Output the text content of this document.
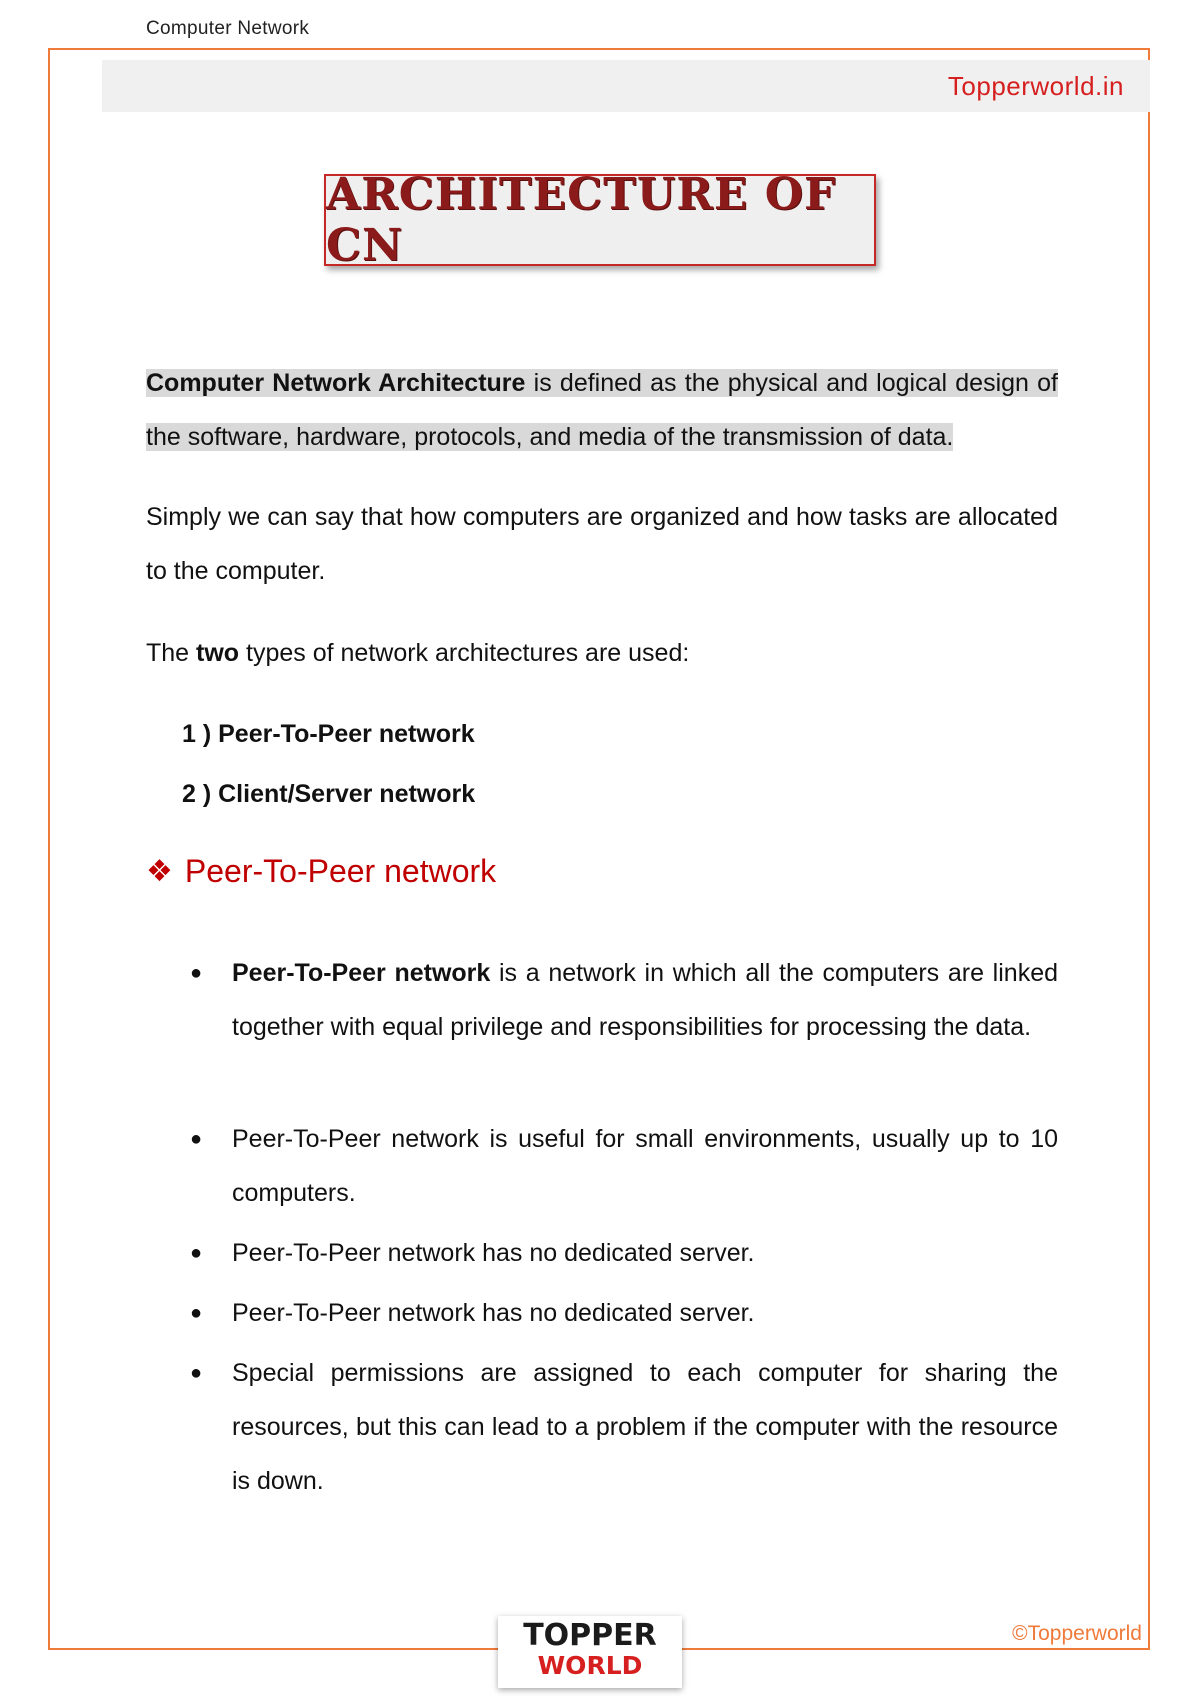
Computer Network
Topperworld.in
ARCHITECTURE OF CN
Computer Network Architecture is defined as the physical and logical design of the software, hardware, protocols, and media of the transmission of data.
Simply we can say that how computers are organized and how tasks are allocated to the computer.
The two types of network architectures are used:
1 ) Peer-To-Peer network
2 ) Client/Server network
❖ Peer-To-Peer network
●	Peer-To-Peer network is a network in which all the computers are linked together with equal privilege and responsibilities for processing the data.
●	Peer-To-Peer network is useful for small environments, usually up to 10 computers.
●	Peer-To-Peer network has no dedicated server.
●	Peer-To-Peer network has no dedicated server.
●	Special permissions are assigned to each computer for sharing the resources, but this can lead to a problem if the computer with the resource is down.
TOPPER
WORLD
©Topperworld
